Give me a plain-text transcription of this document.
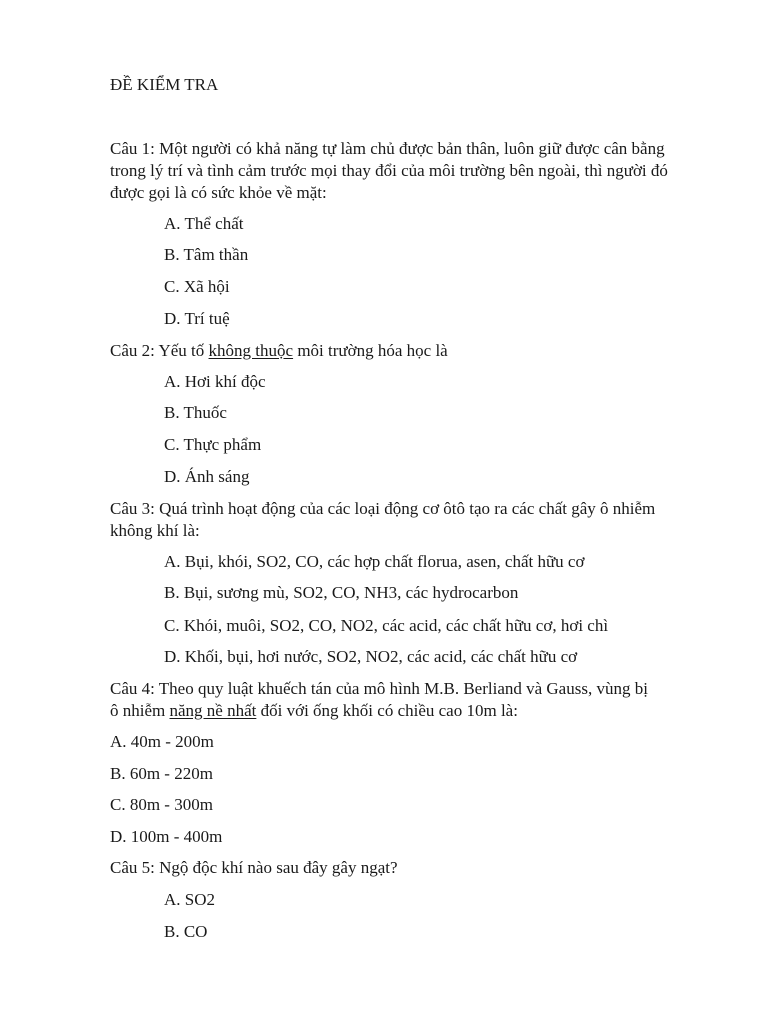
ĐỀ KIỂM TRA
Câu 1: Một người có khả năng tự làm chủ được bản thân, luôn giữ được cân bằng trong lý trí và tình cảm trước mọi thay đổi của môi trường bên ngoài, thì người đó được gọi là có sức khỏe về mặt:
A. Thể chất
B. Tâm thần
C. Xã hội
D. Trí tuệ
Câu 2: Yếu tố không thuộc môi trường hóa học là
A. Hơi khí độc
B. Thuốc
C. Thực phẩm
D. Ánh sáng
Câu 3: Quá trình hoạt động của các loại động cơ ôtô tạo ra các chất gây ô nhiễm không khí là:
A. Bụi, khói, SO2, CO, các hợp chất florua, asen, chất hữu cơ
B. Bụi, sương mù, SO2, CO, NH3, các hydrocarbon
C. Khói, muôi, SO2, CO, NO2, các acid, các chất hữu cơ, hơi chì
D. Khối, bụi, hơi nước, SO2, NO2, các acid, các chất hữu cơ
Câu 4: Theo quy luật khuếch tán của mô hình M.B. Berliand và Gauss, vùng bị
ô nhiễm năng nề nhất đối với ống khối có chiều cao 10m là:
A. 40m - 200m
B. 60m - 220m
C. 80m - 300m
D. 100m - 400m
Câu 5: Ngộ độc khí nào sau đây gây ngạt?
A. SO2
B. CO
